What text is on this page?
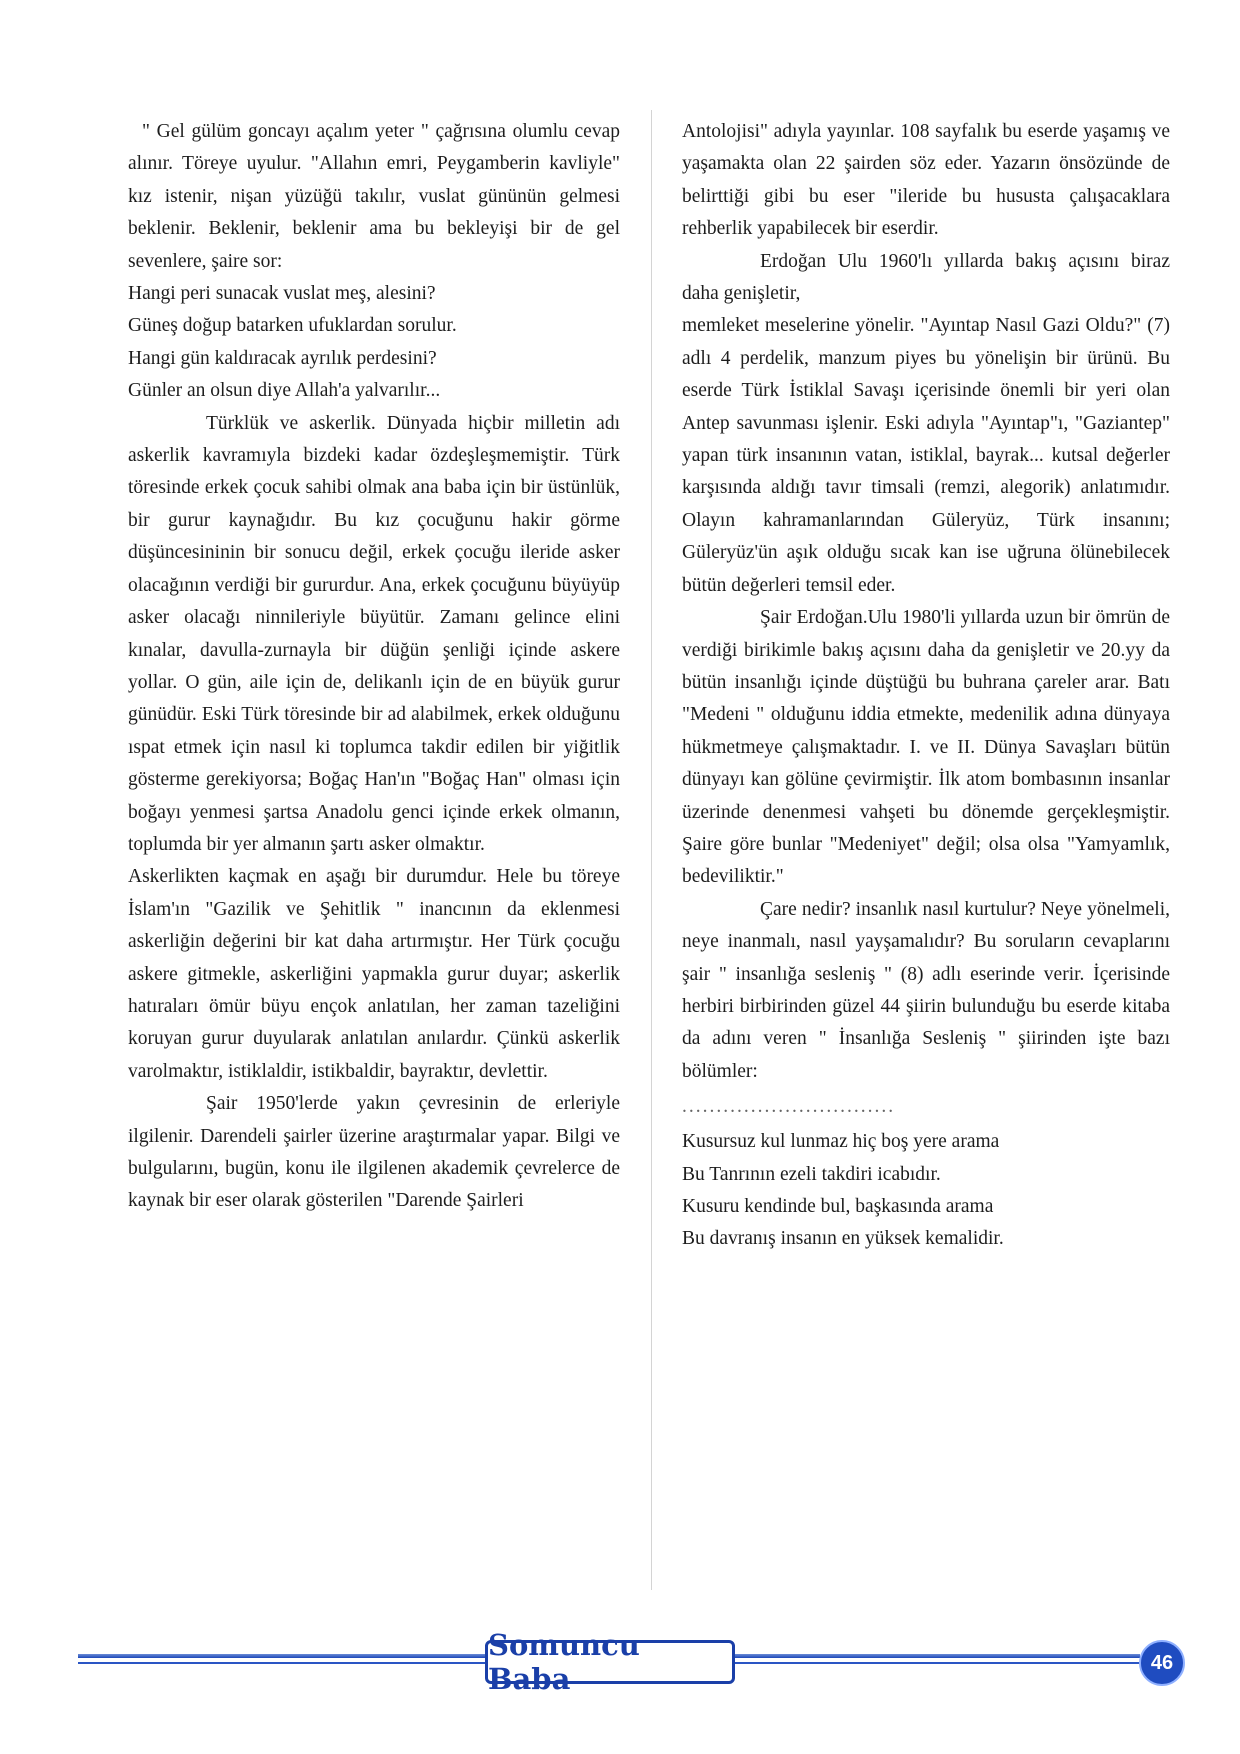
" Gel gülüm goncayı açalım yeter " çağrısına olumlu cevap alınır. Töreye uyulur. "Allahın emri, Peygamberin kavliyle" kız istenir, nişan yüzüğü takılır, vuslat gününün gelmesi beklenir. Beklenir, beklenir ama bu bekleyişi bir de gel sevenlere, şaire sor:

Hangi peri sunacak vuslat meş, alesini?

Güneş doğup batarken ufuklardan sorulur.

Hangi gün kaldıracak ayrılık perdesini?

Günler an olsun diye Allah'a yalvarılır...

Türklük ve askerlik. Dünyada hiçbir milletin adı askerlik kavramıyla bizdeki kadar özdeşleşmemiştir. Türk töresinde erkek çocuk sahibi olmak ana baba için bir üstünlük, bir gurur kaynağıdır. Bu kız çocuğunu hakir görme düşüncesininin bir sonucu değil, erkek çocuğu ileride asker olacağının verdiği bir gururdur. Ana, erkek çocuğunu büyüyüp asker olacağı ninnileriyle büyütür. Zamanı gelince elini kınalar, davulla-zurnayla bir düğün şenliği içinde askere yollar. O gün, aile için de, delikanlı için de en büyük gurur günüdür. Eski Türk töresinde bir ad alabilmek, erkek olduğunu ıspat etmek için nasıl ki toplumca takdir edilen bir yiğitlik gösterme gerekiyorsa; Boğaç Han'ın "Boğaç Han" olması için boğayı yenmesi şartsa Anadolu genci içinde erkek olmanın, toplumda bir yer almanın şartı asker olmaktır.

Askerlikten kaçmak en aşağı bir durumdur. Hele bu töreye İslam'ın "Gazilik ve Şehitlik " inancının da eklenmesi askerliğin değerini bir kat daha artırmıştır. Her Türk çocuğu askere gitmekle, askerliğini yapmakla gurur duyar; askerlik hatıraları ömür büyu ençok anlatılan, her zaman tazeliğini koruyan gurur duyularak anlatılan anılardır. Çünkü askerlik varolmaktır, istiklaldir, istikbaldir, bayraktır, devlettir.

Şair 1950'lerde yakın çevresinin de erleriyle ilgilenir. Darendeli şairler üzerine araştırmalar yapar. Bilgi ve bulgularını, bugün, konu ile ilgilenen akademik çevrelerce de kaynak bir eser olarak gösterilen "Darende Şairleri

Antolojisi" adıyla yayınlar. 108 sayfalık bu eserde yaşamış ve yaşamakta olan 22 şairden söz eder. Yazarın önsözünde de belirttiği gibi bu eser "ileride bu hususta çalışacaklara rehberlik yapabilecek bir eserdir.

Erdoğan Ulu 1960'lı yıllarda bakış açısını biraz daha genişletir,

memleket meselerine yönelir. "Ayıntap Nasıl Gazi Oldu?" (7) adlı 4 perdelik, manzum piyes bu yönelişin bir ürünü. Bu eserde Türk İstiklal Savaşı içerisinde önemli bir yeri olan Antep savunması işlenir. Eski adıyla "Ayıntap"ı, "Gaziantep" yapan türk insanının vatan, istiklal, bayrak... kutsal değerler karşısında aldığı tavır timsali (remzi, alegorik) anlatımıdır. Olayın kahramanlarından Güleryüz, Türk insanını; Güleryüz'ün aşık olduğu sıcak kan ise uğruna ölünebilecek bütün değerleri temsil eder.

Şair Erdoğan.Ulu 1980'li yıllarda uzun bir ömrün de verdiği birikimle bakış açısını daha da genişletir ve 20.yy da bütün insanlığı içinde düştüğü bu buhrana çareler arar. Batı "Medeni " olduğunu iddia etmekte, medenilik adına dünyaya hükmetmeye çalışmaktadır. I. ve II. Dünya Savaşları bütün dünyayı kan gölüne çevirmiştir. İlk atom bombasının insanlar üzerinde denenmesi vahşeti bu dönemde gerçekleşmiştir. Şaire göre bunlar "Medeniyet" değil; olsa olsa "Yamyamlık, bedeviliktir."

Çare nedir? insanlık nasıl kurtulur? Neye yönelmeli, neye inanmalı, nasıl yayşamalıdır? Bu soruların cevaplarını şair " insanlığa sesleniş " (8) adlı eserinde verir. İçerisinde herbiri birbirinden güzel 44 şiirin bulunduğu bu eserde kitaba da adını veren " İnsanlığa Sesleniş " şiirinden işte bazı bölümler:

...............................

Kusursuz kul lunmaz hiç boş yere arama

Bu Tanrının ezeli takdiri icabıdır.

Kusuru kendinde bul, başkasında arama

Bu davranış insanın en yüksek kemalidir.

Somuncu Baba	46
